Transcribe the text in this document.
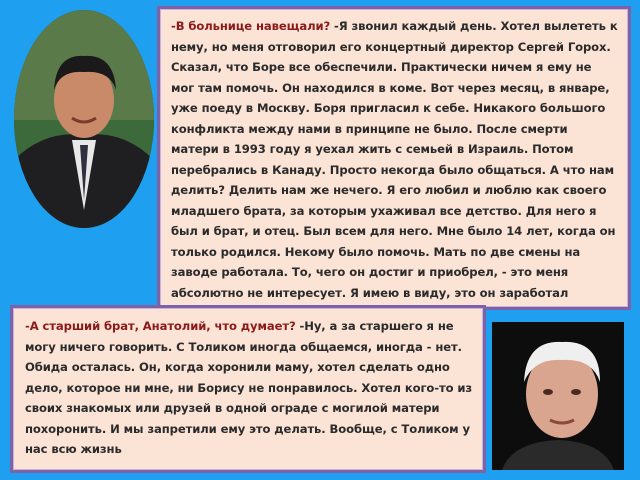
-В больнице навещали? -Я звонил каждый день. Хотел вылететь к нему, но меня отговорил его концертный директор Сергей Горох. Сказал, что Боре все обеспечили. Практически ничем я ему не мог там помочь. Он находился в коме. Вот через месяц, в январе, уже поеду в Москву. Боря пригласил к себе. Никакого большого конфликта между нами в принципе не было. После смерти матери в 1993 году я уехал жить с семьей в Израиль. Потом перебрались в Канаду. Просто некогда было общаться. А что нам делить? Делить нам же нечего. Я его любил и люблю как своего младшего брата, за которым ухаживал все детство. Для него я был и брат, и отец. Был всем для него. Мне было 14 лет, когда он только родился. Некому было помочь. Мать по две смены на заводе работала. То, чего он достиг и приобрел, - это меня абсолютно не интересует. Я имею в виду, это он заработал

-А старший брат, Анатолий, что думает? -Ну, а за старшего я не могу ничего говорить. С Толиком иногда общаемся, иногда - нет. Обида осталась. Он, когда хоронили маму, хотел сделать одно дело, которое ни мне, ни Борису не понравилось. Хотел кого-то из своих знакомых или друзей в одной ограде с могилой матери похоронить. И мы запретили ему это делать. Вообще, с Толиком у нас всю жизнь
